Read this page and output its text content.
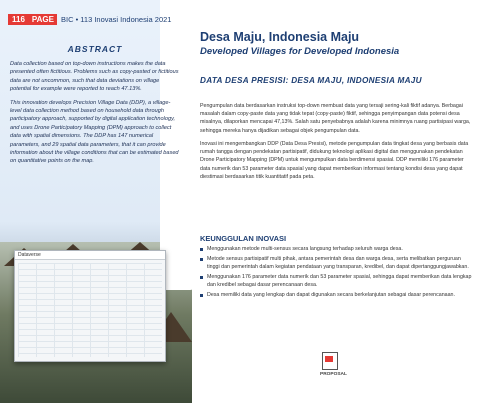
116 PAGE BIC • 113 Inovasi Indonesia 2021
ABSTRACT

Data collection based on top-down instructions makes the data presented often fictitious. Problems such as copy-pasted or fictitious data are not uncommon, such that data deviations on village potential for example were reported to reach 47.13%.

This innovation develops Precision Village Data (DDP), a village-level data collection method based on household data through participatory approach, supported by digital application technology, and uses Drone Participatory Mapping (DPM) approach to collect data with spatial dimensions. The DDP has 147 numerical parameters, and 29 spatial data parameters, that it can provide information about the village conditions that can be estimated based on quantitative points on the map.

Dataverse
Desa Maju, Indonesia Maju
Developed Villages for Developed Indonesia
DATA DESA PRESISI: DESA MAJU, INDONESIA MAJU
Pengumpulan data berdasarkan instruksi top-down membuat data yang tersaji sering-kali fiktif adanya. Berbagai masalah dalam copy-paste data yang tidak tepat (copy-paste) fiktif, sehingga penyimpangan data potensi desa misalnya, dilaporkan mencapai 47,13%. Salah satu penyebabnya adalah karena minimnya ruang partisipasi warga, sehingga mereka hanya dijadikan sebagai objek pengumpulan data.
Inovasi ini mengembangkan DDP (Data Desa Presisi), metode pengumpulan data tingkat desa yang berbasis data rumah tangga dengan pendekatan partisipatif, didukung teknologi aplikasi digital dan menggunakan pendekatan Drone Participatory Mapping (DPM) untuk mengumpulkan data berdimensi spasial. DDP memiliki 176 parameter data numerik dan 53 parameter data spasial yang dapat memberikan informasi tentang kondisi desa yang dapat diestimasi berdasarkan titik kuantitatif pada peta.
KEUNGGULAN INOVASI
Menggunakan metode multi-sensus secara langsung terhadap seluruh warga desa.
Metode sensus partisipatif multi pihak, antara pemerintah desa dan warga desa, serta melibatkan perguruan tinggi dan pemerintah dalam kegiatan pendataan yang transparan, kredibel, dan dapat dipertanggungjawabkan.
Menggunakan 176 parameter data numerik dan 53 parameter spasial, sehingga dapat memberikan data lengkap dan kredibel sebagai dasar perencanaan desa.
Desa memiliki data yang lengkap dan dapat digunakan secara berkelanjutan sebagai dasar perencanaan.
PROPOSAL
